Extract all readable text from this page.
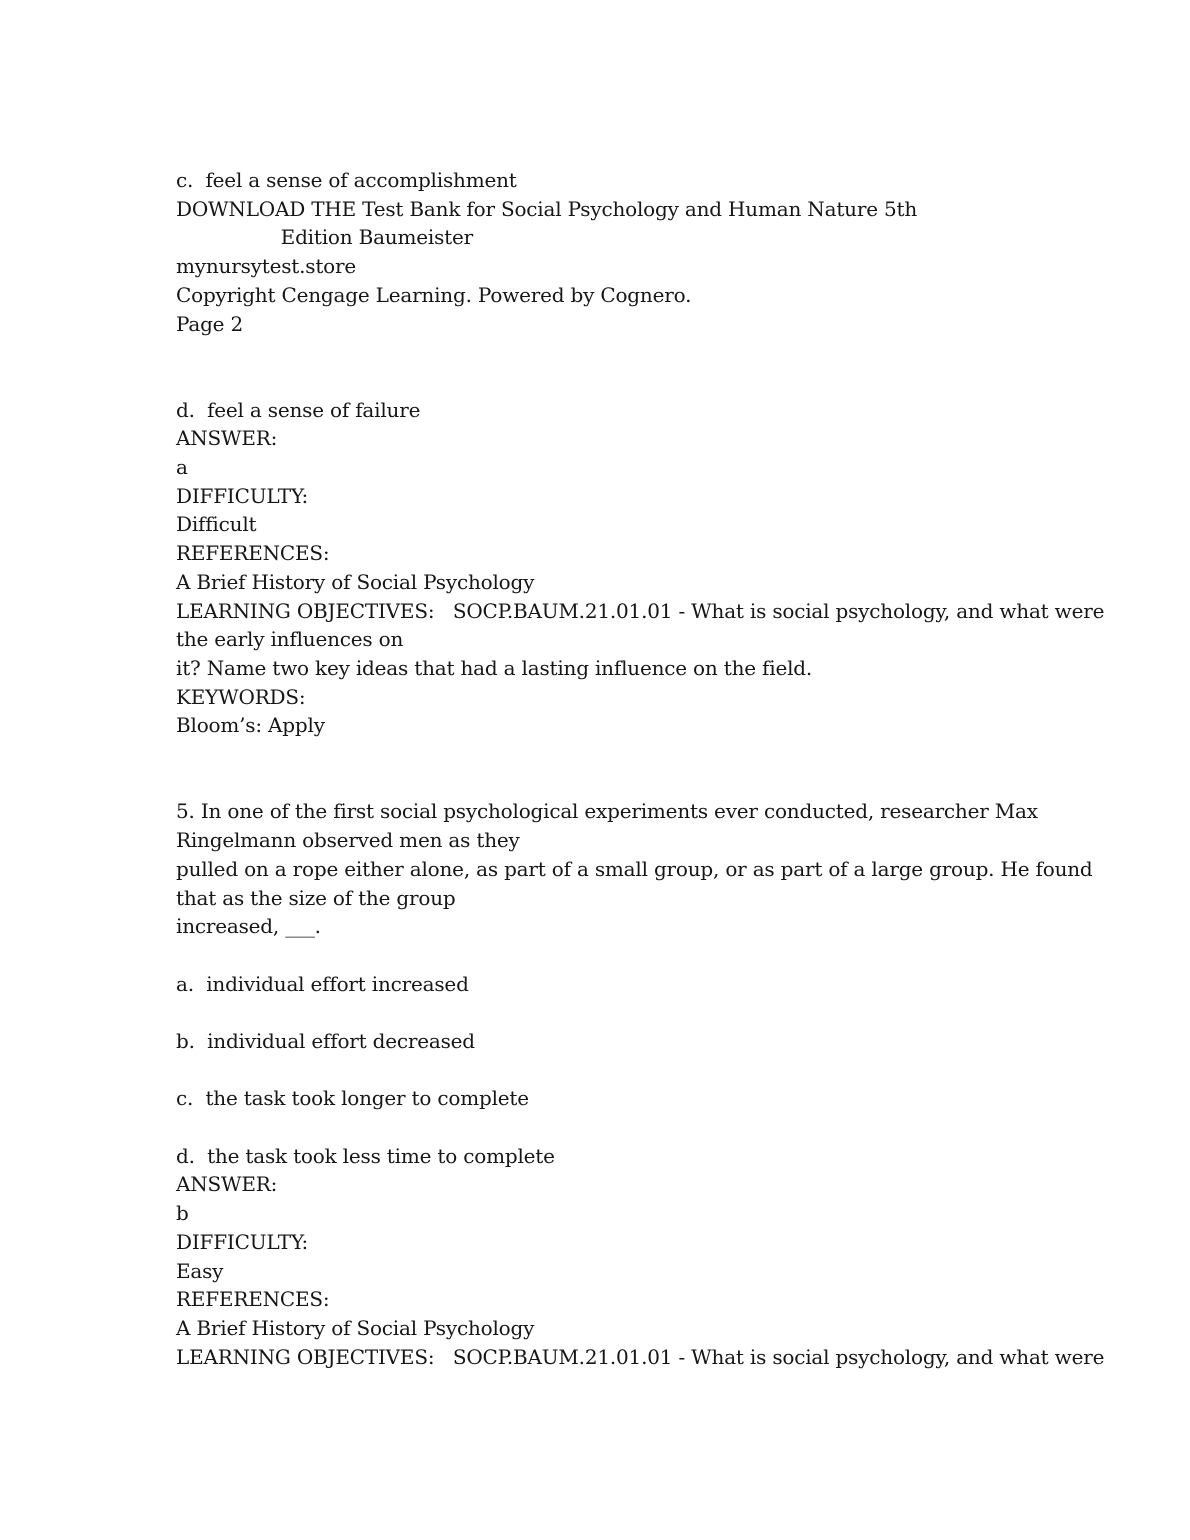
c.  feel a sense of accomplishment
DOWNLOAD THE Test Bank for Social Psychology and Human Nature 5th
Edition Baumeister
mynursytest.store
Copyright Cengage Learning. Powered by Cognero.
Page 2
d.  feel a sense of failure
ANSWER:
a
DIFFICULTY:
Difficult
REFERENCES:
A Brief History of Social Psychology
LEARNING OBJECTIVES:   SOCP.BAUM.21.01.01 - What is social psychology, and what were
the early influences on
it? Name two key ideas that had a lasting influence on the field.
KEYWORDS:
Bloom’s: Apply
5. In one of the first social psychological experiments ever conducted, researcher Max
Ringelmann observed men as they
pulled on a rope either alone, as part of a small group, or as part of a large group. He found
that as the size of the group
increased, ___.
a.  individual effort increased
b.  individual effort decreased
c.  the task took longer to complete
d.  the task took less time to complete
ANSWER:
b
DIFFICULTY:
Easy
REFERENCES:
A Brief History of Social Psychology
LEARNING OBJECTIVES:   SOCP.BAUM.21.01.01 - What is social psychology, and what were
